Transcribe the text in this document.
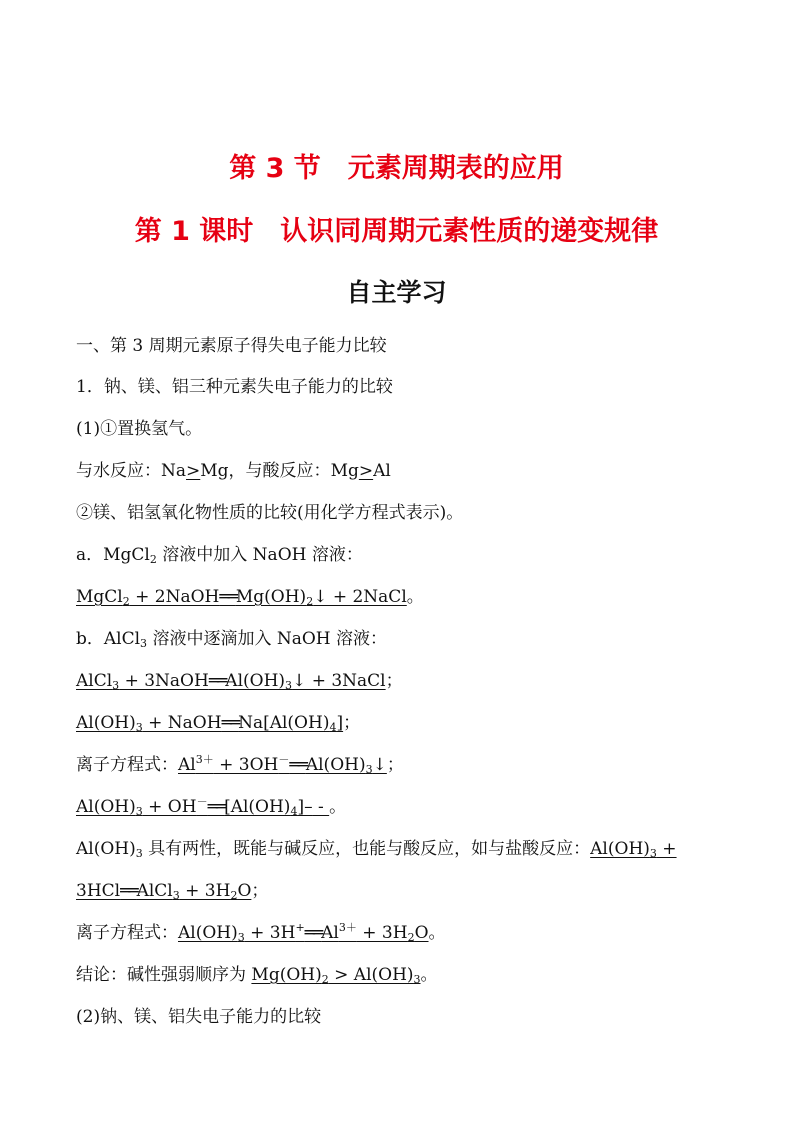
第 3 节　元素周期表的应用
第 1 课时　认识同周期元素性质的递变规律
自主学习
一、第 3 周期元素原子得失电子能力比较
1．钠、镁、铝三种元素失电子能力的比较
(1)①置换氢气。
与水反应：Na>Mg，与酸反应：Mg>Al
②镁、铝氢氧化物性质的比较(用化学方程式表示)。
a．MgCl$_2$ 溶液中加入 NaOH 溶液：
MgCl$_2$ + $2NaOH══Mg(OH)_2↓$ + 2NaCl。
b．AlCl$_3$ 溶液中逐滴加入 NaOH 溶液：
AlCl$_3$ + $3NaOH══Al(OH)_3↓$ + 3NaCl；
$Al(OH)_3$ + $NaOH══Na[Al(OH)_4]$；
离子方程式：$Al^{3+}$ + $3OH^-══Al(OH)_3↓$；
$Al(OH)_3$ + $OH^-══[Al(OH)_4]-$ - 。
$Al(OH)_3$ 具有两性，既能与碱反应，也能与酸反应，如与盐酸反应：$Al(OH)_3$ +
3HCl══AlCl$_3$ + $3H_2O$；
离子方程式：$Al(OH)_3$ + $3H^+══Al^{3+} + 3H_2O$。
结论：碱性强弱顺序为 $Mg(OH)_2 > Al(OH)_3$。
(2)钠、镁、铝失电子能力的比较
